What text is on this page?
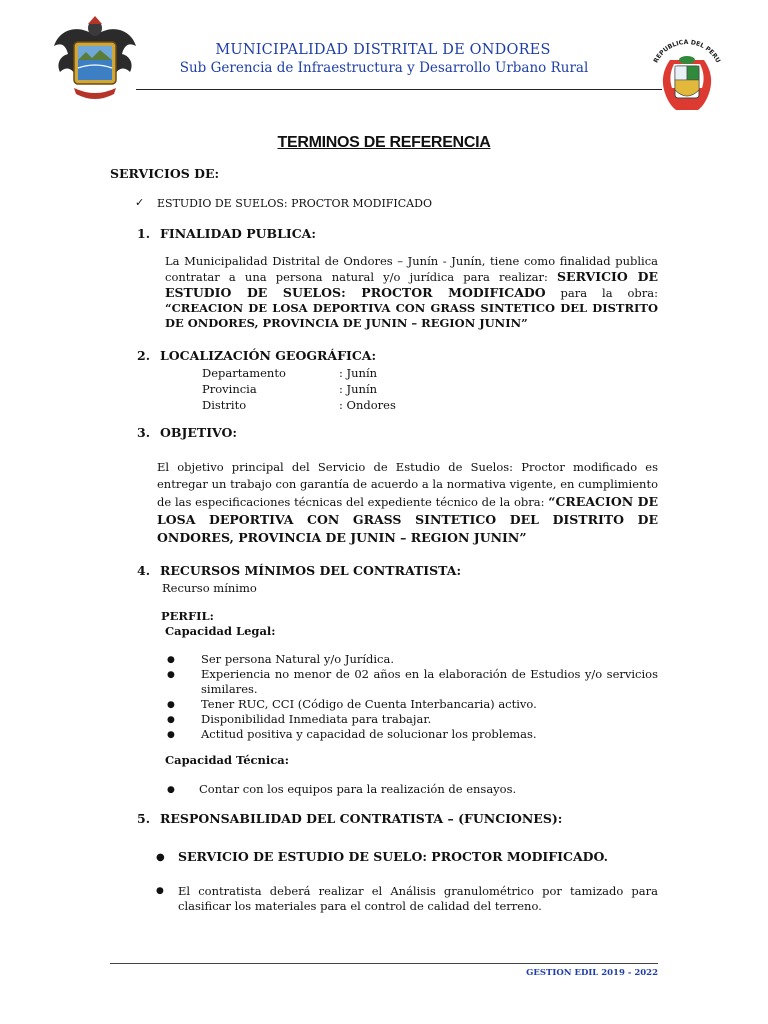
MUNICIPALIDAD DISTRITAL DE ONDORES
Sub Gerencia de Infraestructura y Desarrollo Urbano Rural	REPUBLICA DEL PERU
TERMINOS DE REFERENCIA
SERVICIOS DE:
✓ ESTUDIO DE SUELOS: PROCTOR MODIFICADO
1. FINALIDAD PUBLICA:
La Municipalidad Distrital de Ondores – Junín - Junín, tiene como finalidad publica contratar a una persona natural y/o jurídica para realizar: SERVICIO DE ESTUDIO DE SUELOS: PROCTOR MODIFICADO para la obra: “CREACION DE LOSA DEPORTIVA CON GRASS SINTETICO DEL DISTRITO DE ONDORES, PROVINCIA DE JUNIN – REGION JUNIN”
2. LOCALIZACIÓN GEOGRÁFICA:
Departamento	: Junín
Provincia	: Junín
Distrito	: Ondores
3. OBJETIVO:
El objetivo principal del Servicio de Estudio de Suelos: Proctor modificado es entregar un trabajo con garantía de acuerdo a la normativa vigente, en cumplimiento de las especificaciones técnicas del expediente técnico de la obra: “CREACION DE LOSA DEPORTIVA CON GRASS SINTETICO DEL DISTRITO DE ONDORES, PROVINCIA DE JUNIN – REGION JUNIN”
4. RECURSOS MÍNIMOS DEL CONTRATISTA:
Recurso mínimo
PERFIL:
Capacidad Legal:
● Ser persona Natural y/o Jurídica.
● Experiencia no menor de 02 años en la elaboración de Estudios y/o servicios similares.
● Tener RUC, CCI (Código de Cuenta Interbancaria) activo.
● Disponibilidad Inmediata para trabajar.
● Actitud positiva y capacidad de solucionar los problemas.
Capacidad Técnica:
● Contar con los equipos para la realización de ensayos.
5. RESPONSABILIDAD DEL CONTRATISTA – (FUNCIONES):
● SERVICIO DE ESTUDIO DE SUELO: PROCTOR MODIFICADO.
● El contratista deberá realizar el Análisis granulométrico por tamizado para clasificar los materiales para el control de calidad del terreno.
GESTION EDIL 2019 - 2022
